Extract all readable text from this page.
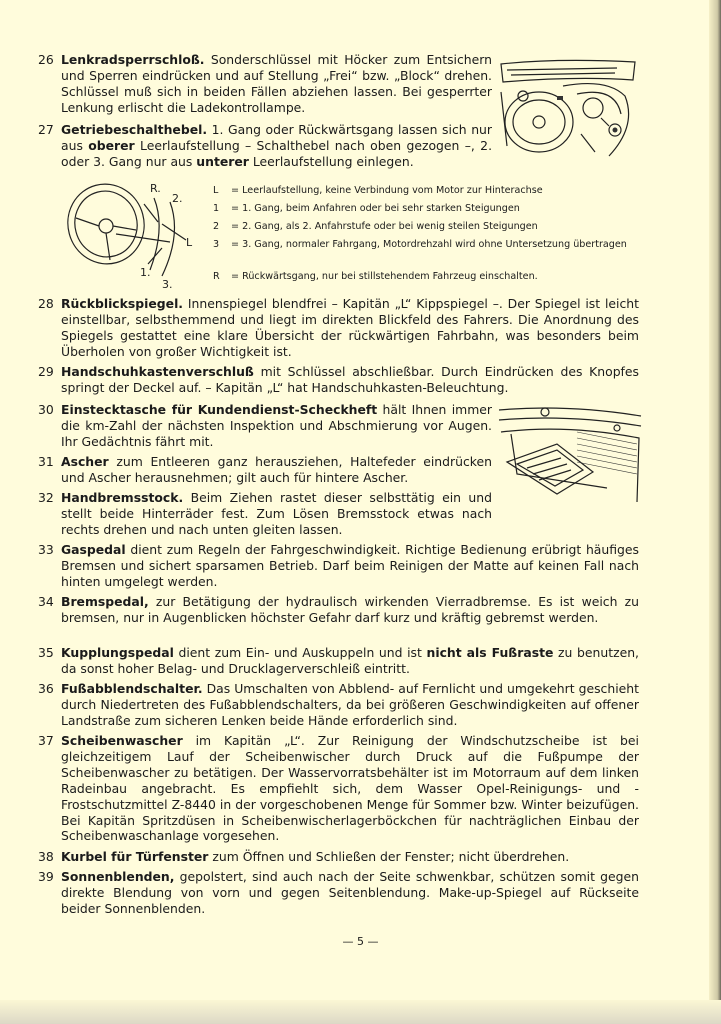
26 Lenkradsperrschloß. Sonderschlüssel mit Höcker zum Entsichern und Sperren eindrücken und auf Stellung „Frei“ bzw. „Block“ drehen. Schlüssel muß sich in beiden Fällen abziehen lassen. Bei gesperrter Lenkung erlischt die Ladekontrollampe.
27 Getriebeschalthebel. 1. Gang oder Rückwärtsgang lassen sich nur aus oberer Leerlaufstellung – Schalthebel nach oben gezogen –, 2. oder 3. Gang nur aus unterer Leerlaufstellung einlegen.
R.
2.
L
1.
3.
L = Leerlaufstellung, keine Verbindung vom Motor zur Hinterachse
1 = 1. Gang, beim Anfahren oder bei sehr starken Steigungen
2 = 2. Gang, als 2. Anfahrstufe oder bei wenig steilen Steigungen
3 = 3. Gang, normaler Fahrgang, Motordrehzahl wird ohne Untersetzung übertragen
R = Rückwärtsgang, nur bei stillstehendem Fahrzeug einschalten.
28 Rückblickspiegel. Innenspiegel blendfrei – Kapitän „L“ Kippspiegel –. Der Spiegel ist leicht einstellbar, selbsthemmend und liegt im direkten Blickfeld des Fahrers. Die Anordnung des Spiegels gestattet eine klare Übersicht der rückwärtigen Fahrbahn, was besonders beim Überholen von großer Wichtigkeit ist.
29 Handschuhkastenverschluß mit Schlüssel abschließbar. Durch Eindrücken des Knopfes springt der Deckel auf. – Kapitän „L“ hat Handschuhkasten-Beleuchtung.
30 Einstecktasche für Kundendienst-Scheckheft hält Ihnen immer die km-Zahl der nächsten Inspektion und Abschmierung vor Augen. Ihr Gedächtnis fährt mit.
31 Ascher zum Entleeren ganz herausziehen, Haltefeder eindrücken und Ascher herausnehmen; gilt auch für hintere Ascher.
32 Handbremsstock. Beim Ziehen rastet dieser selbsttätig ein und stellt beide Hinterräder fest. Zum Lösen Bremsstock etwas nach rechts drehen und nach unten gleiten lassen.
33 Gaspedal dient zum Regeln der Fahrgeschwindigkeit. Richtige Bedienung erübrigt häufiges Bremsen und sichert sparsamen Betrieb. Darf beim Reinigen der Matte auf keinen Fall nach hinten umgelegt werden.
34 Bremspedal, zur Betätigung der hydraulisch wirkenden Vierradbremse. Es ist weich zu bremsen, nur in Augenblicken höchster Gefahr darf kurz und kräftig gebremst werden.
35 Kupplungspedal dient zum Ein- und Auskuppeln und ist nicht als Fußraste zu benutzen, da sonst hoher Belag- und Drucklagerverschleiß eintritt.
36 Fußabblendschalter. Das Umschalten von Abblend- auf Fernlicht und umgekehrt geschieht durch Niedertreten des Fußabblendschalters, da bei größeren Geschwindigkeiten auf offener Landstraße zum sicheren Lenken beide Hände erforderlich sind.
37 Scheibenwascher im Kapitän „L“. Zur Reinigung der Windschutzscheibe ist bei gleichzeitigem Lauf der Scheibenwischer durch Druck auf die Fußpumpe der Scheibenwascher zu betätigen. Der Wasservorratsbehälter ist im Motorraum auf dem linken Radeinbau angebracht. Es empfiehlt sich, dem Wasser Opel-Reinigungs- und -Frostschutzmittel Z-8440 in der vorgeschobenen Menge für Sommer bzw. Winter beizufügen. Bei Kapitän Spritzdüsen in Scheibenwischerlagerböckchen für nachträglichen Einbau der Scheibenwaschanlage vorgesehen.
38 Kurbel für Türfenster zum Öffnen und Schließen der Fenster; nicht überdrehen.
39 Sonnenblenden, gepolstert, sind auch nach der Seite schwenkbar, schützen somit gegen direkte Blendung von vorn und gegen Seitenblendung. Make-up-Spiegel auf Rückseite beider Sonnenblenden.
— 5 —
